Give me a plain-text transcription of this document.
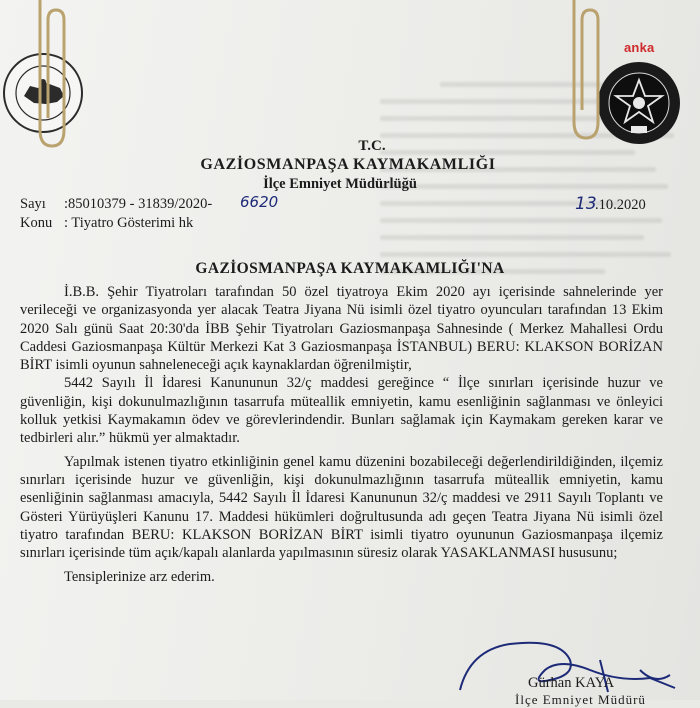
anka
T.C.
GAZİOSMANPAŞA KAYMAKAMLIĞI
İlçe Emniyet Müdürlüğü
Sayı :85010379 - 31839/2020- 6620
Konu : Tiyatro Gösterimi hk
13
.10.2020
GAZİOSMANPAŞA KAYMAKAMLIĞI'NA

İ.B.B. Şehir Tiyatroları tarafından 50 özel tiyatroya Ekim 2020 ayı içerisinde sahnelerinde yer verileceği ve organizasyonda yer alacak Teatra Jiyana Nü isimli özel tiyatro oyuncuları tarafından 13 Ekim 2020 Salı günü Saat 20:30'da İBB Şehir Tiyatroları Gaziosmanpaşa Sahnesinde ( Merkez Mahallesi Ordu Caddesi Gaziosmanpaşa Kültür Merkezi Kat 3 Gaziosmanpaşa İSTANBUL) BERU: KLAKSON BORİZAN BİRT isimli oyunun sahneleneceği açık kaynaklardan öğrenilmiştir,

5442 Sayılı İl İdaresi Kanununun 32/ç maddesi gereğince “ İlçe sınırları içerisinde huzur ve güvenliğin, kişi dokunulmazlığının tasarrufa müteallik emniyetin, kamu esenliğinin sağlanması ve önleyici kolluk yetkisi Kaymakamın ödev ve görevlerindendir. Bunları sağlamak için Kaymakam gereken karar ve tedbirleri alır.” hükmü yer almaktadır.

Yapılmak istenen tiyatro etkinliğinin genel kamu düzenini bozabileceği değerlendirildiğinden, ilçemiz sınırları içerisinde huzur ve güvenliğin, kişi dokunulmazlığının tasarrufa müteallik emniyetin, kamu esenliğinin sağlanması amacıyla, 5442 Sayılı İl İdaresi Kanununun 32/ç maddesi ve 2911 Sayılı Toplantı ve Gösteri Yürüyüşleri Kanunu 17. Maddesi hükümleri doğrultusunda adı geçen Teatra Jiyana Nü isimli özel tiyatro tarafından BERU: KLAKSON BORİZAN BİRT isimli tiyatro oyununun Gaziosmanpaşa ilçemiz sınırları içerisinde tüm açık/kapalı alanlarda yapılmasının süresiz olarak YASAKLANMASI hususunu;

Tensiplerinize arz ederim.

Gürhan KAYA
İlçe Emniyet Müdürü
